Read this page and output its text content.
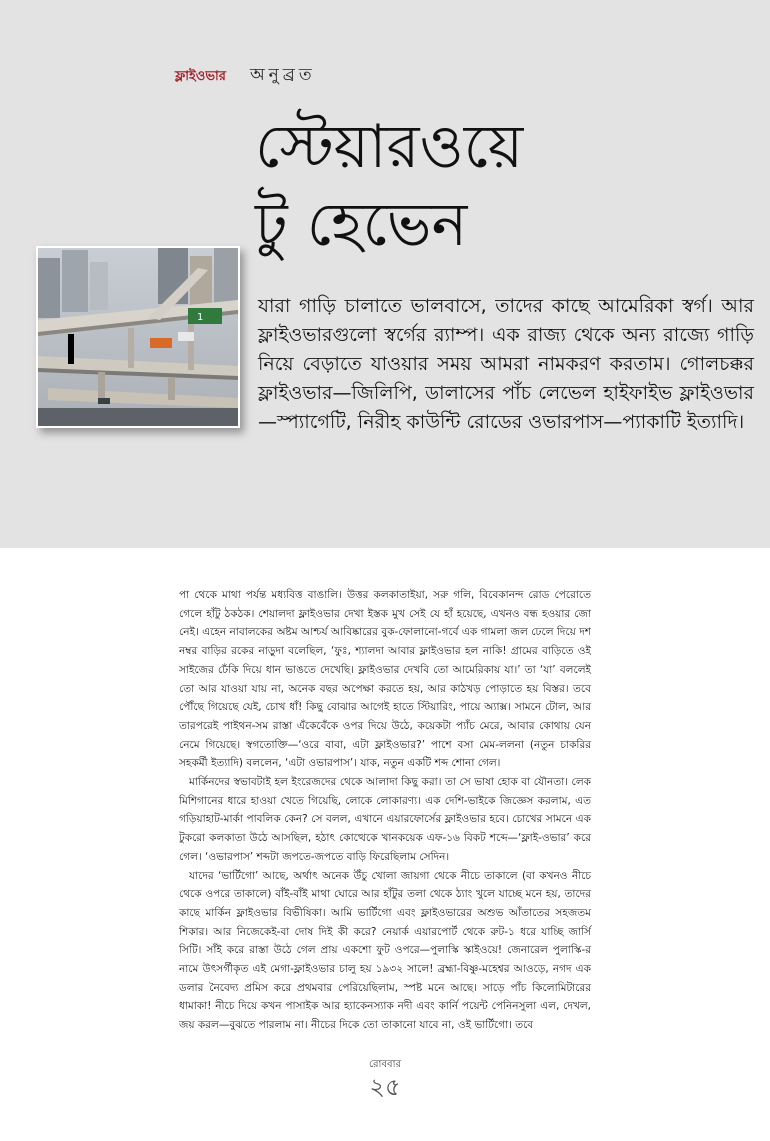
ফ্লাইওভার অনুব্রত
স্টেয়ারওয়ে
টু হেভেন
1

যারা গাড়ি চালাতে ভালবাসে, তাদের কাছে আমেরিকা স্বর্গ। আর ফ্লাইওভারগুলো স্বর্গের র‍্যাম্প। এক রাজ্য থেকে অন্য রাজ্যে গাড়ি নিয়ে বেড়াতে যাওয়ার সময় আমরা নামকরণ করতাম। গোলচক্কর ফ্লাইওভার—জিলিপি, ডালাসের পাঁচ লেভেল হাইফাইভ ফ্লাইওভার—স্প্যাগেটি, নিরীহ কাউন্টি রোডের ওভারপাস—প্যাকাটি ইত্যাদি।

পা থেকে মাথা পর্যন্ত মধ্যবিত্ত বাঙালি। উত্তর কলকাতাইয়া, সরু গলি, বিবেকানন্দ রোড পেরোতে গেলে হাঁটু ঠকঠক। শেয়ালদা ফ্লাইওভার দেখা ইস্তক মুখ সেই যে হাঁ হয়েছে, এখনও বন্ধ হওয়ার জো নেই। এহেন নাবালকের অষ্টম আশ্চর্য আবিষ্কারের বুক-ফোলানো-গর্বে এক গামলা জল ঢেলে দিয়ে দশ নম্বর বাড়ির রকের নাড়ুদা বলেছিল, ‘ফুঃ, শ্যালদা আবার ফ্লাইওভার হল নাকি! গ্রামের বাড়িতে ওই সাইজের ঢেঁকি দিয়ে ধান ভাঙতে দেখেছি। ফ্লাইওভার দেখবি তো আমেরিকায় যা।’ তা ‘যা’ বললেই তো আর যাওয়া যায় না, অনেক বছর অপেক্ষা করতে হয়, আর কাঠখড় পোড়াতে হয় বিস্তর। তবে পৌঁছে গিয়েছে যেই, চোখ ধাঁ! কিছু বোঝার আগেই হাতে স্টিয়ারিং, পায়ে অ্যাক্স। সামনে টোল, আর তারপরেই পাইথন-সম রাস্তা এঁকেবেঁকে ওপর দিয়ে উঠে, কয়েকটা প্যাঁচ মেরে, আবার কোথায় যেন নেমে গিয়েছে। স্বগতোক্তি—‘ওরে বাবা, এটা ফ্লাইওভার?’ পাশে বসা মেম-ললনা (নতুন চাকরির সহকর্মী ইত্যাদি) বললেন, ‘এটা ওভারপাস’। যাক, নতুন একটি শব্দ শোনা গেল।

মার্কিনদের স্বভাবটাই হল ইংরেজদের থেকে আলাদা কিছু করা। তা সে ভাষা হোক বা যৌনতা। লেক মিশিগানের ধারে হাওয়া খেতে গিয়েছি, লোকে লোকারণ্য। এক দেশি-ভাইকে জিজ্ঞেস করলাম, এত গড়িয়াহাট-মার্কা পাবলিক কেন? সে বলল, এখানে এয়ারফোর্সের ফ্লাইওভার হবে। চোখের সামনে এক টুকরো কলকাতা উঠে আসছিল, হঠাৎ কোত্থেকে খানকয়েক এফ-১৬ বিকট শব্দে—‘ফ্লাই-ওভার’ করে গেল। ‘ওভারপাস’ শব্দটা জপতে-জপতে বাড়ি ফিরেছিলাম সেদিন।

যাদের ‘ভার্টিগো’ আছে, অর্থাৎ অনেক উঁচু খোলা জায়গা থেকে নীচে তাকালে (বা কখনও নীচে থেকে ওপরে তাকালে) বাঁই-বাঁই মাথা ঘোরে আর হাঁটুর তলা থেকে ঠ্যাং খুলে যাচ্ছে মনে হয়, তাদের কাছে মার্কিন ফ্লাইওভার বিভীষিকা। আমি ভার্টিগো এবং ফ্লাইওভারের অশুভ আঁতাতের সহজতম শিকার। আর নিজেকেই-বা দোষ দিই কী করে? নেয়ার্ক এয়ারপোর্ট থেকে রুট-১ ধরে যাচ্ছি জার্সি সিটি। সাঁই করে রাস্তা উঠে গেল প্রায় একশো ফুট ওপরে—পুলাস্কি স্কাইওয়ে! জেনারেল পুলাস্কি-র নামে উৎসর্গীকৃত এই মেগা-ফ্লাইওভার চালু হয় ১৯৩২ সালে! ব্রহ্মা-বিষ্ণু-মহেশ্বর আওড়ে, নগদ এক ডলার নৈবেদ্য প্রমিস করে প্রথমবার পেরিয়েছিলাম, স্পষ্ট মনে আছে। সাড়ে পাঁচ কিলোমিটারের ধামাকা! নীচে দিয়ে কখন পাসাইক আর হ্যাকেনস্যাক নদী এবং কার্নি পয়েন্ট পেনিনসুলা এল, দেখল, জয় করল—বুঝতে পারলাম না। নীচের দিকে তো তাকানো যাবে না, ওই ভার্টিগো। তবে

রোববার
২৫
